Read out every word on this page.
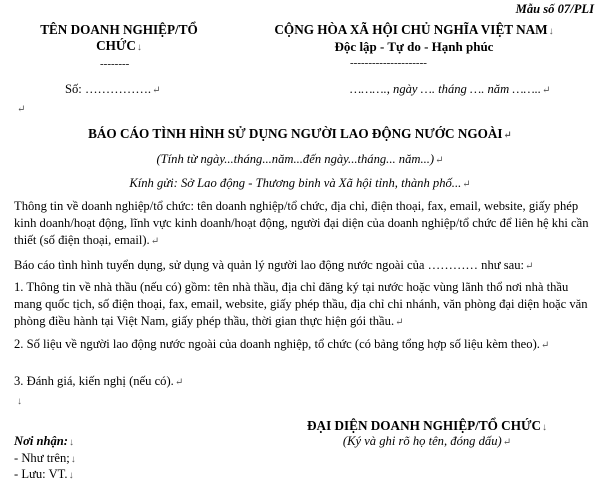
Mẫu số 07/PLI
TÊN DOANH NGHIỆP/TỔ CHỨC↓
CỘNG HÒA XÃ HỘI CHỦ NGHĨA VIỆT NAM↓
Độc lập - Tự do - Hạnh phúc
--------	---------------------
Số: …………….↵	………., ngày …. tháng …. năm ……..↵
↵
BÁO CÁO TÌNH HÌNH SỬ DỤNG NGƯỜI LAO ĐỘNG NƯỚC NGOÀI↵
(Tính từ ngày...tháng...năm...đến ngày...tháng... năm...)↵
Kính gửi: Sở Lao động - Thương binh và Xã hội tỉnh, thành phố...↵
Thông tin về doanh nghiệp/tổ chức: tên doanh nghiệp/tổ chức, địa chỉ, điện thoại, fax, email, website, giấy phép kinh doanh/hoạt động, lĩnh vực kinh doanh/hoạt động, người đại diện của doanh nghiệp/tổ chức để liên hệ khi cần thiết (số điện thoại, email).↵
Báo cáo tình hình tuyển dụng, sử dụng và quản lý người lao động nước ngoài của ………… như sau:↵
1. Thông tin về nhà thầu (nếu có) gồm: tên nhà thầu, địa chỉ đăng ký tại nước hoặc vùng lãnh thổ nơi nhà thầu mang quốc tịch, số điện thoại, fax, email, website, giấy phép thầu, địa chỉ chi nhánh, văn phòng đại diện hoặc văn phòng điều hành tại Việt Nam, giấy phép thầu, thời gian thực hiện gói thầu.↵
2. Số liệu về người lao động nước ngoài của doanh nghiệp, tổ chức (có bảng tổng hợp số liệu kèm theo).↵
3. Đánh giá, kiến nghị (nếu có).↵
↓
ĐẠI DIỆN DOANH NGHIỆP/TỔ CHỨC↓
(Ký và ghi rõ họ tên, đóng dấu)↵
Nơi nhận:↓
- Như trên;↓
- Lưu: VT.↓
